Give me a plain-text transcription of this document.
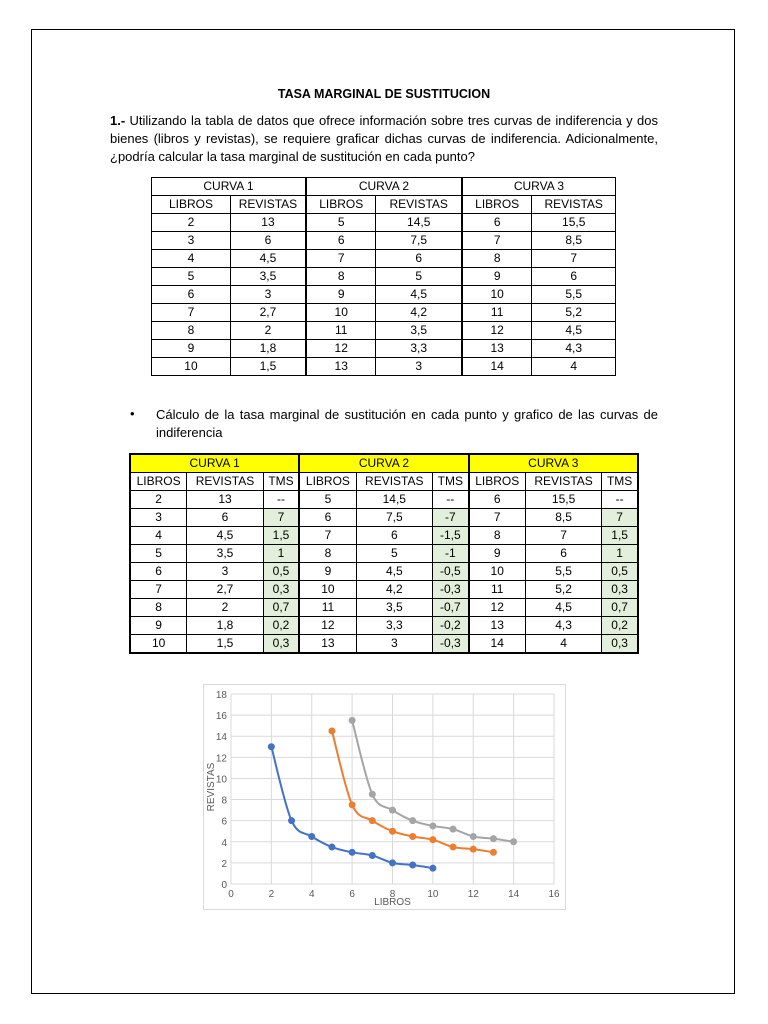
TASA MARGINAL DE SUSTITUCION
1.- Utilizando la tabla de datos que ofrece información sobre tres curvas de indiferencia y dos bienes (libros y revistas), se requiere graficar dichas curvas de indiferencia. Adicionalmente, ¿podría calcular la tasa marginal de sustitución en cada punto?
CURVA 1		CURVA 2		CURVA 3	
LIBROS	REVISTAS	LIBROS	REVISTAS	LIBROS	REVISTAS
2	13	5	14,5	6	15,5
3	6	6	7,5	7	8,5
4	4,5	7	6	8	7
5	3,5	8	5	9	6
6	3	9	4,5	10	5,5
7	2,7	10	4,2	11	5,2
8	2	11	3,5	12	4,5
9	1,8	12	3,3	13	4,3
10	1,5	13	3	14	4
• Cálculo de la tasa marginal de sustitución en cada punto y grafico de las curvas de indiferencia
CURVA 1			CURVA 2			CURVA 3		
LIBROS	REVISTAS	TMS	LIBROS	REVISTAS	TMS	LIBROS	REVISTAS	TMS
2	13	--	5	14,5	--	6	15,5	--
3	6	7	6	7,5	-7	7	8,5	7
4	4,5	1,5	7	6	-1,5	8	7	1,5
5	3,5	1	8	5	-1	9	6	1
6	3	0,5	9	4,5	-0,5	10	5,5	0,5
7	2,7	0,3	10	4,2	-0,3	11	5,2	0,3
8	2	0,7	11	3,5	-0,7	12	4,5	0,7
9	1,8	0,2	12	3,3	-0,2	13	4,3	0,2
10	1,5	0,3	13	3	-0,3	14	4	0,3
0
2
4
6
8
10
12
14
16
18
0	2	4	6	8	10	12	14	16
LIBROS
REVISTAS
